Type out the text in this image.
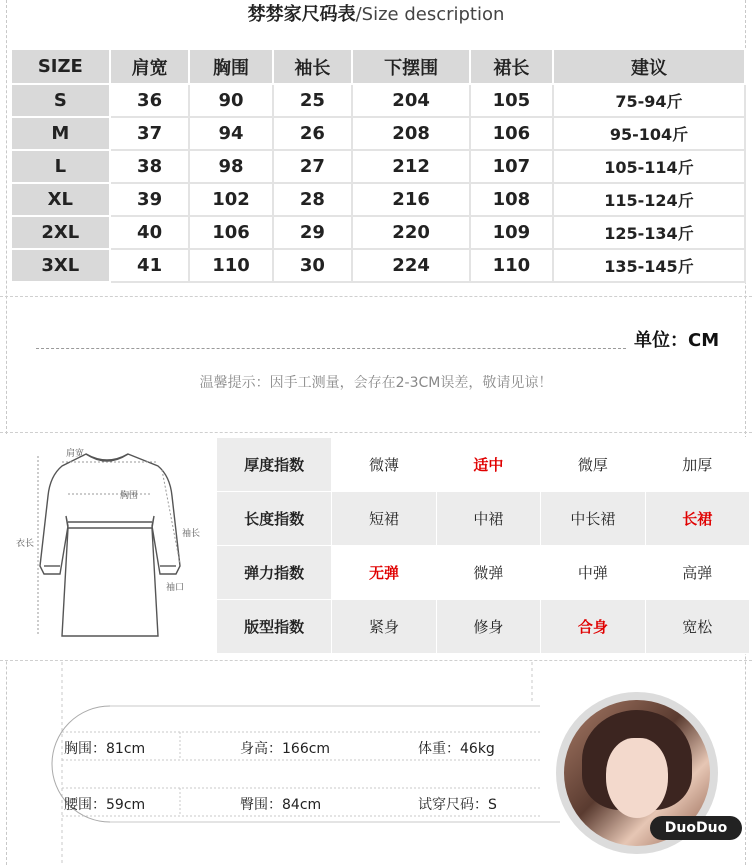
棼棼家尺码表/Size description
SIZE	肩宽	胸围	袖长	下摆围	裙长	建议
S	36	90	25	204	105	75-94斤
M	37	94	26	208	106	95-104斤
L	38	98	27	212	107	105-114斤
XL	39	102	28	216	108	115-124斤
2XL	40	106	29	220	109	125-134斤
3XL	41	110	30	224	110	135-145斤
单位：CM
温馨提示：因手工测量，会存在2-3CM误差，敬请见谅！
肩宽
胸围
袖长
衣长
袖口
厚度指数	微薄	适中	微厚	加厚
长度指数	短裙	中裙	中长裙	长裙
弹力指数	无弹	微弹	中弹	高弹
版型指数	紧身	修身	合身	宽松
胸围：81cm	身高：166cm	体重：46kg
腰围：59cm	臀围：84cm	试穿尺码：S
DuoDuo
